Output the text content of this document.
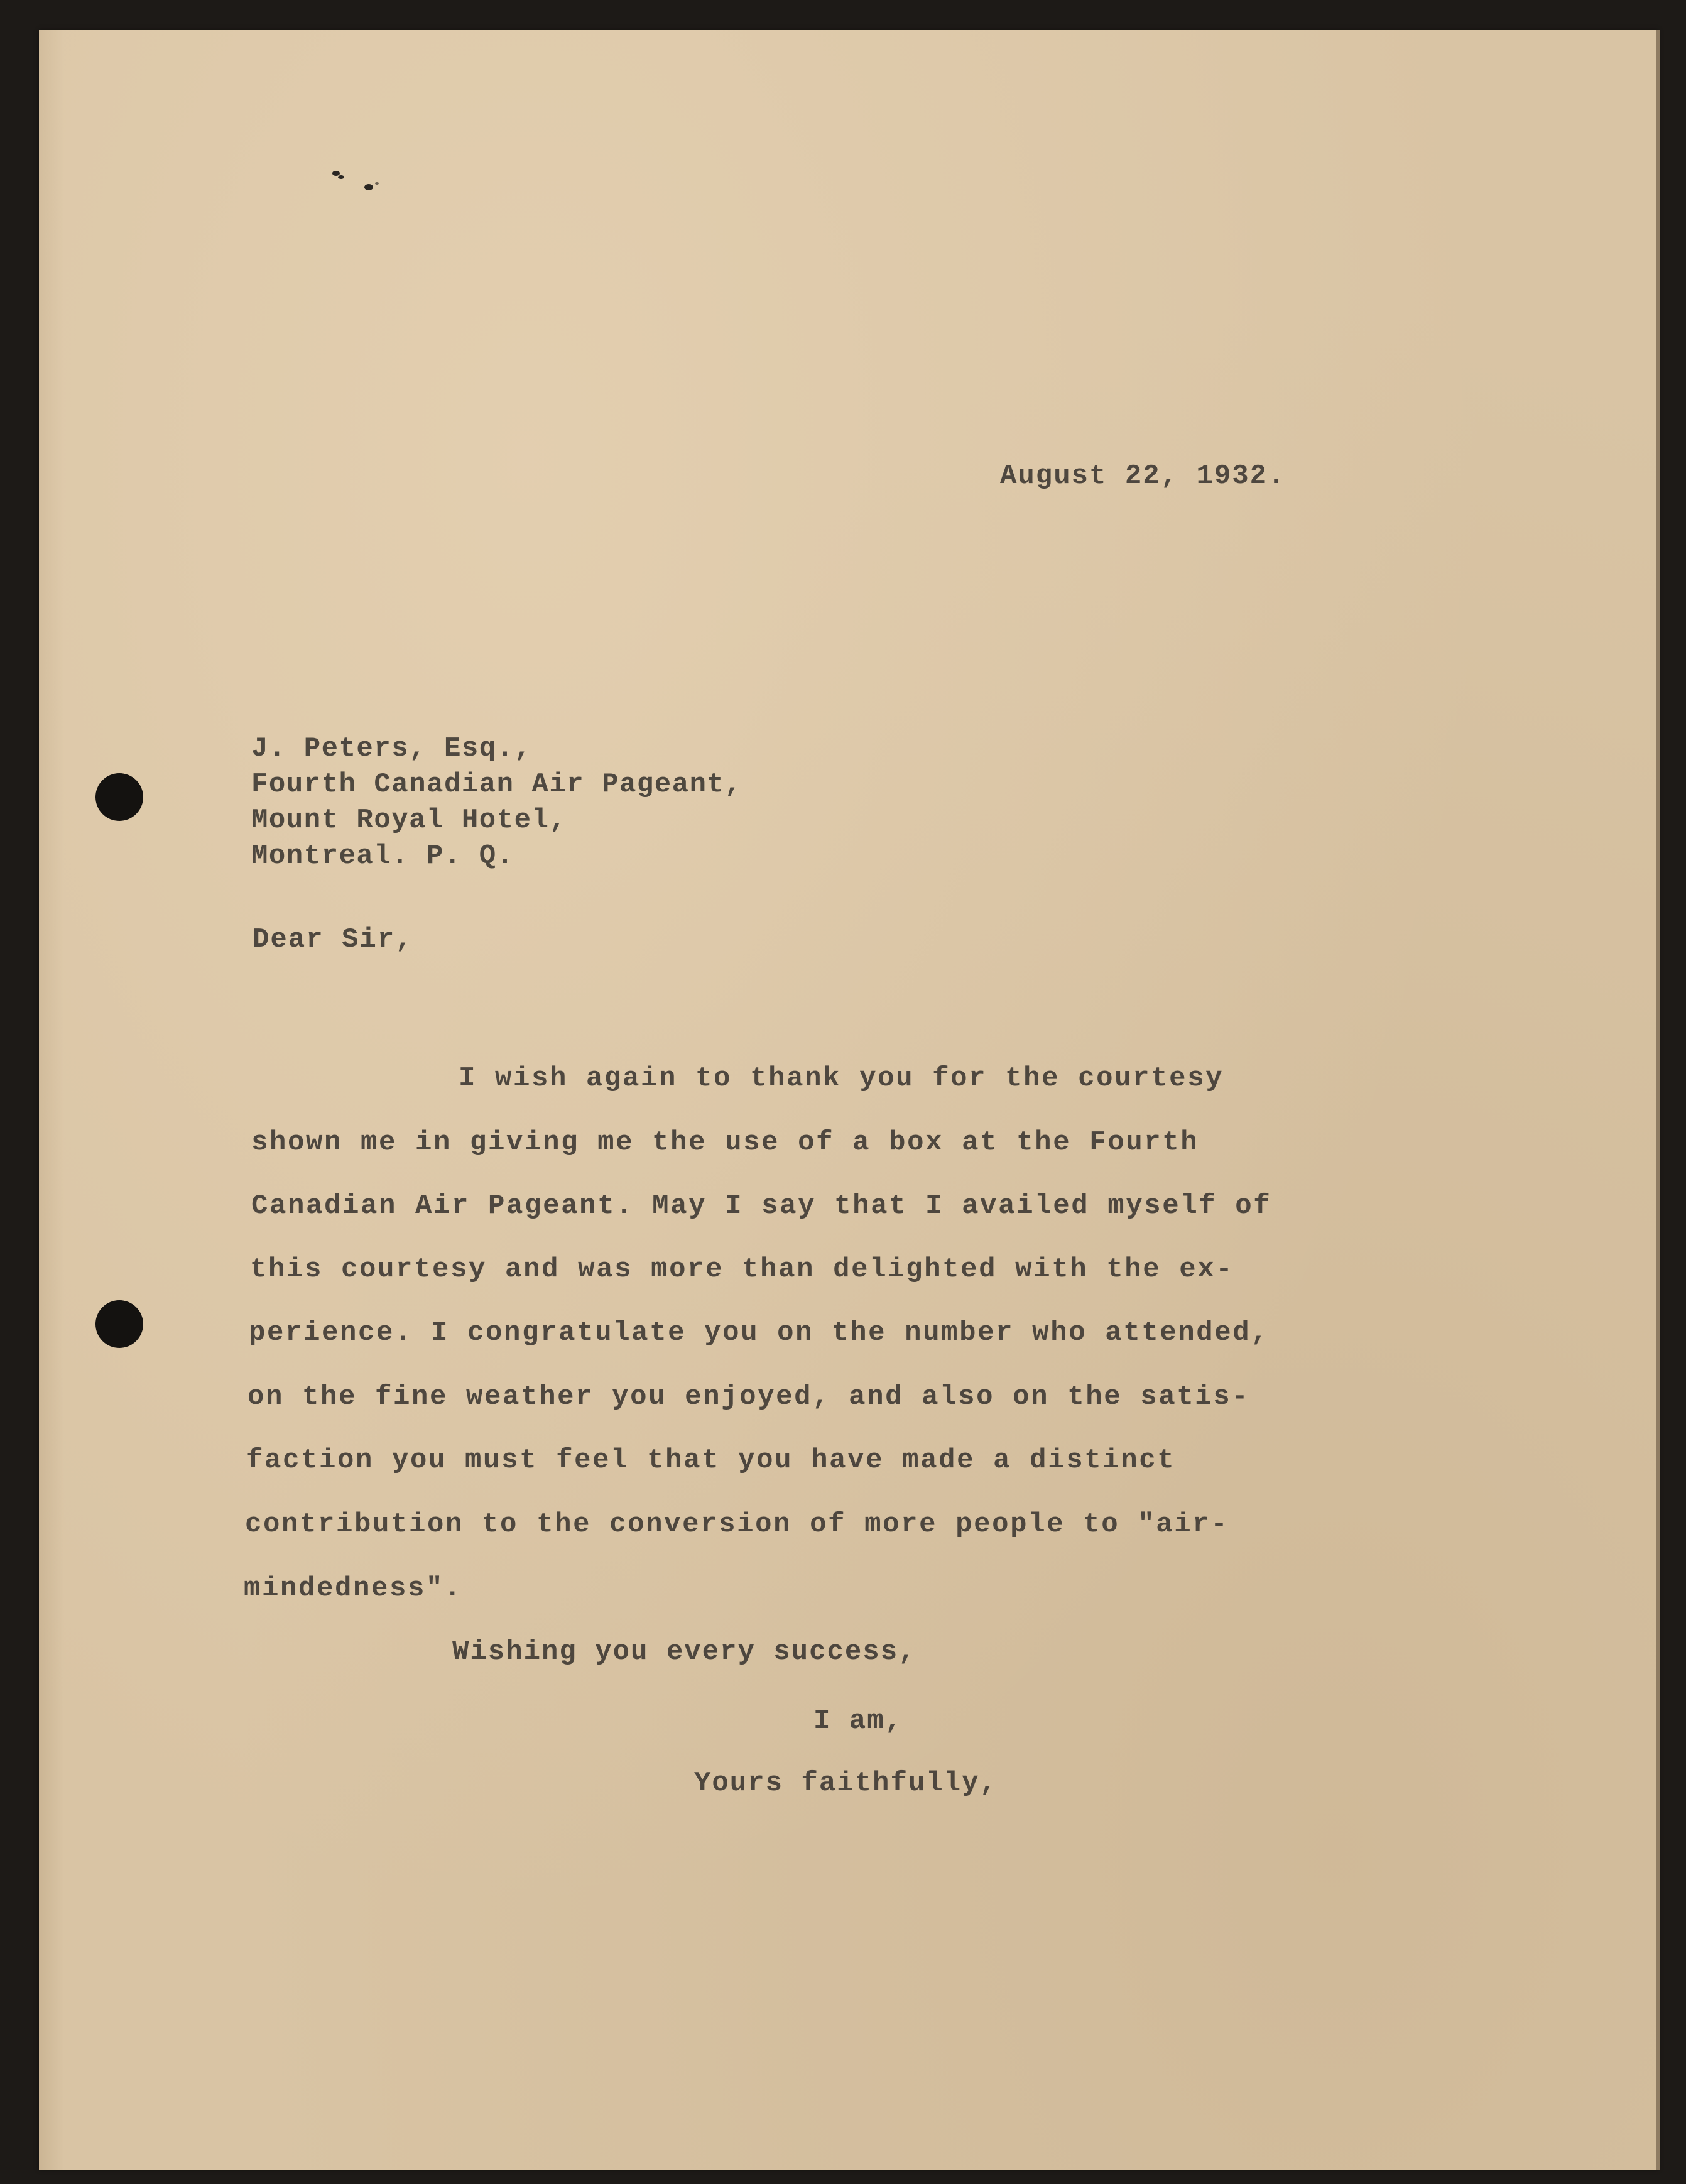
August 22, 1932.
J. Peters, Esq.,
Fourth Canadian Air Pageant,
Mount Royal Hotel,
Montreal. P. Q.
Dear Sir,
I wish again to thank you for the courtesy
shown me in giving me the use of a box at the Fourth
Canadian Air Pageant. May I say that I availed myself of
this courtesy and was more than delighted with the ex-
perience. I congratulate you on the number who attended,
on the fine weather you enjoyed, and also on the satis-
faction you must feel that you have made a distinct
contribution to the conversion of more people to "air-
mindedness".
Wishing you every success,
I am,
Yours faithfully,
